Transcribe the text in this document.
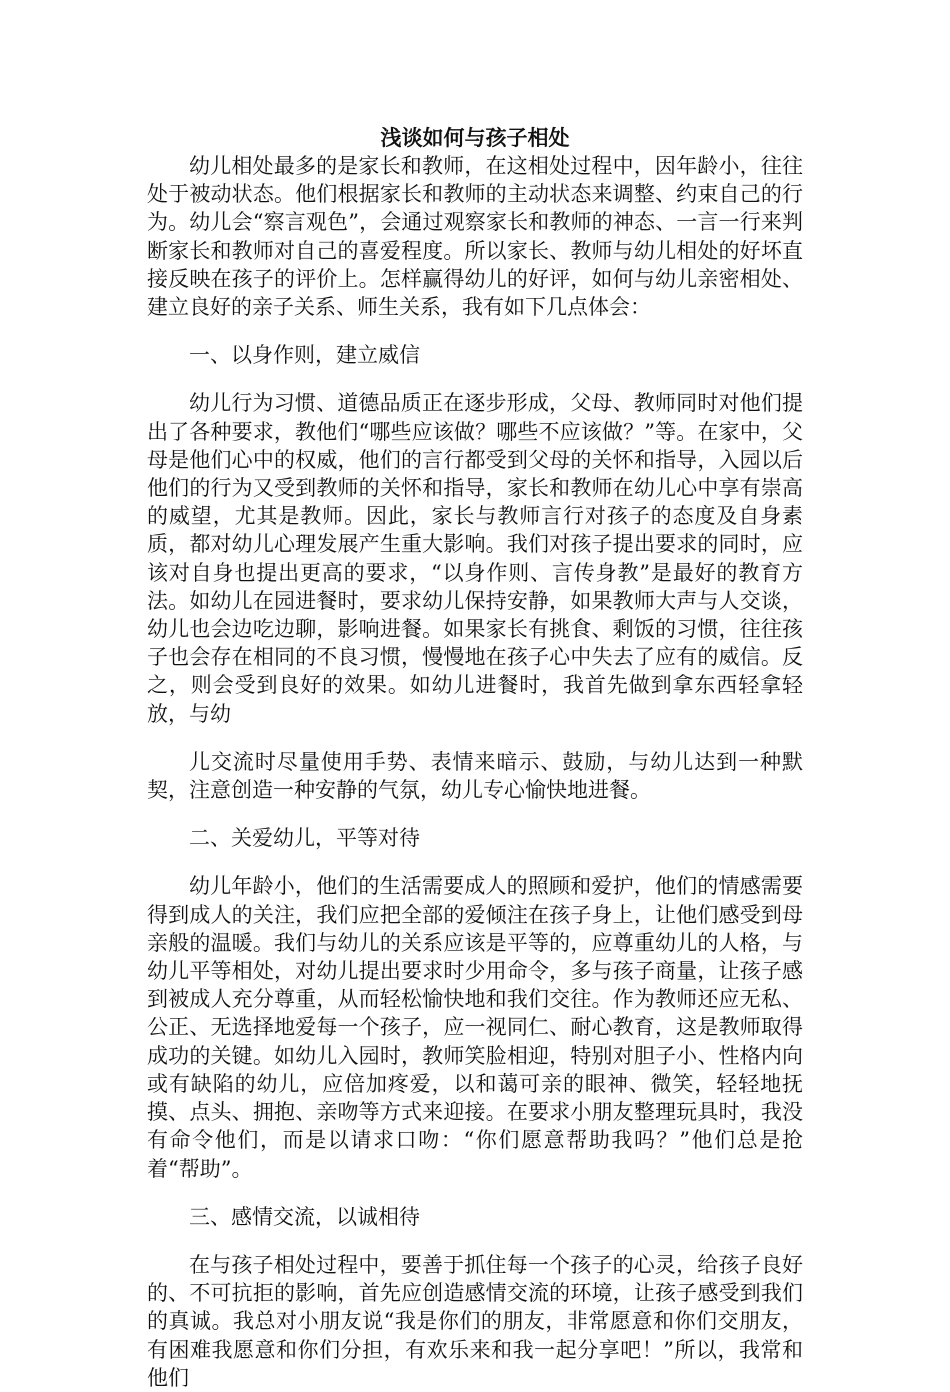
浅谈如何与孩子相处

幼儿相处最多的是家长和教师，在这相处过程中，因年龄小，往往处于被动状态。他们根据家长和教师的主动状态来调整、约束自己的行为。幼儿会“察言观色”，会通过观察家长和教师的神态、一言一行来判断家长和教师对自己的喜爱程度。所以家长、教师与幼儿相处的好坏直接反映在孩子的评价上。怎样赢得幼儿的好评，如何与幼儿亲密相处、建立良好的亲子关系、师生关系，我有如下几点体会：

一、以身作则，建立威信

幼儿行为习惯、道德品质正在逐步形成，父母、教师同时对他们提出了各种要求，教他们“哪些应该做？哪些不应该做？”等。在家中，父母是他们心中的权威，他们的言行都受到父母的关怀和指导，入园以后他们的行为又受到教师的关怀和指导，家长和教师在幼儿心中享有崇高的威望，尤其是教师。因此，家长与教师言行对孩子的态度及自身素质，都对幼儿心理发展产生重大影响。我们对孩子提出要求的同时，应该对自身也提出更高的要求，“以身作则、言传身教”是最好的教育方法。如幼儿在园进餐时，要求幼儿保持安静，如果教师大声与人交谈，幼儿也会边吃边聊，影响进餐。如果家长有挑食、剩饭的习惯，往往孩子也会存在相同的不良习惯，慢慢地在孩子心中失去了应有的威信。反之，则会受到良好的效果。如幼儿进餐时，我首先做到拿东西轻拿轻放，与幼

儿交流时尽量使用手势、表情来暗示、鼓励，与幼儿达到一种默契，注意创造一种安静的气氛，幼儿专心愉快地进餐。

二、关爱幼儿，平等对待

幼儿年龄小，他们的生活需要成人的照顾和爱护，他们的情感需要得到成人的关注，我们应把全部的爱倾注在孩子身上，让他们感受到母亲般的温暖。我们与幼儿的关系应该是平等的，应尊重幼儿的人格，与幼儿平等相处，对幼儿提出要求时少用命令，多与孩子商量，让孩子感到被成人充分尊重，从而轻松愉快地和我们交往。作为教师还应无私、公正、无选择地爱每一个孩子，应一视同仁、耐心教育，这是教师取得成功的关键。如幼儿入园时，教师笑脸相迎，特别对胆子小、性格内向或有缺陷的幼儿，应倍加疼爱，以和蔼可亲的眼神、微笑，轻轻地抚摸、点头、拥抱、亲吻等方式来迎接。在要求小朋友整理玩具时，我没有命令他们，而是以请求口吻：“你们愿意帮助我吗？”他们总是抢着“帮助”。

三、感情交流，以诚相待

在与孩子相处过程中，要善于抓住每一个孩子的心灵，给孩子良好的、不可抗拒的影响，首先应创造感情交流的环境，让孩子感受到我们的真诚。我总对小朋友说“我是你们的朋友，非常愿意和你们交朋友，有困难我愿意和你们分担，有欢乐来和我一起分享吧！”所以，我常和他们
